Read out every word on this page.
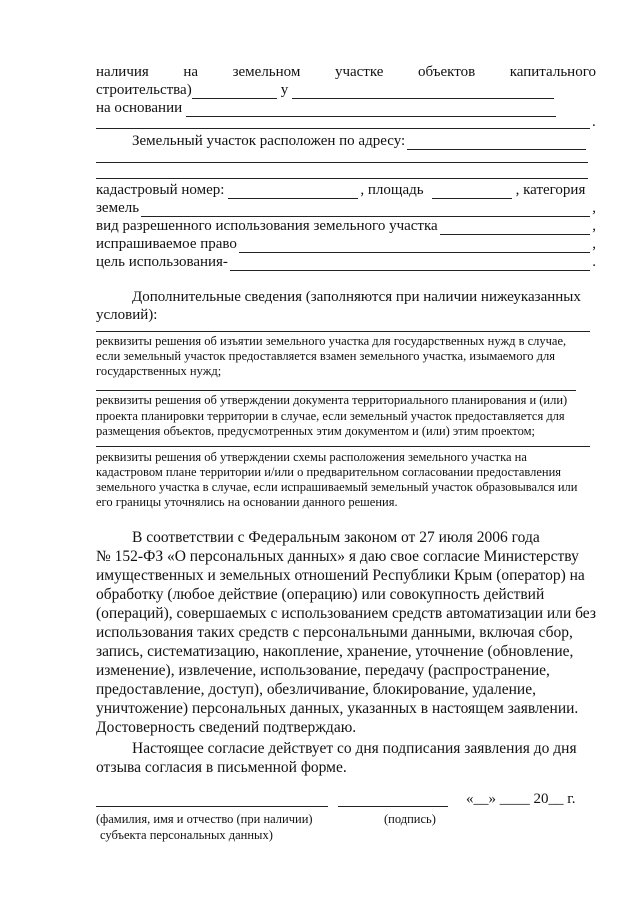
наличия на земельном участке объектов капитального
строительства)	у
на основании
.
Земельный участок расположен по адресу:
кадастровый номер:	, площадь	, категория
земель	,
вид разрешенного использования земельного участка	,
испрашиваемое право	,
цель использования-	.
Дополнительные сведения (заполняются при наличии нижеуказанных
условий):
реквизиты решения об изъятии земельного участка для государственных нужд в случае,
если земельный участок предоставляется взамен земельного участка, изымаемого для
государственных нужд;
реквизиты решения об утверждении документа территориального планирования и (или)
проекта планировки территории в случае, если земельный участок предоставляется для
размещения объектов, предусмотренных этим документом и (или) этим проектом;
реквизиты решения об утверждении схемы расположения земельного участка на
кадастровом плане территории и/или о предварительном согласовании предоставления
земельного участка в случае, если испрашиваемый земельный участок образовывался или
его границы уточнялись на основании данного решения.
В соответствии с Федеральным законом от 27 июля 2006 года
№ 152-ФЗ «О персональных данных» я даю свое согласие Министерству
имущественных и земельных отношений Республики Крым (оператор) на
обработку (любое действие (операцию) или совокупность действий
(операций), совершаемых с использованием средств автоматизации или без
использования таких средств с персональными данными, включая сбор,
запись, систематизацию, накопление, хранение, уточнение (обновление,
изменение), извлечение, использование, передачу (распространение,
предоставление, доступ), обезличивание, блокирование, удаление,
уничтожение) персональных данных, указанных в настоящем заявлении.
Достоверность сведений подтверждаю.
Настоящее согласие действует со дня подписания заявления до дня
отзыва согласия в письменной форме.
«__» ____ 20__ г.
(фамилия, имя и отчество (при наличии)	(подпись)
субъекта персональных данных)
